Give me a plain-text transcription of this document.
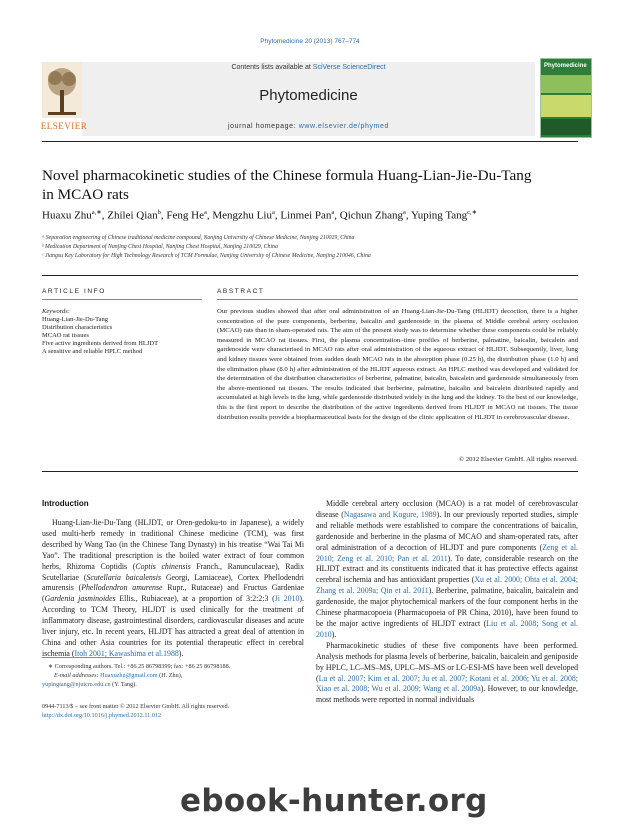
Phytomedicine 20 (2013) 767–774
Contents lists available at SciVerse ScienceDirect
Phytomedicine
journal homepage: www.elsevier.de/phymed
ELSEVIER
Phytomedicine
Novel pharmacokinetic studies of the Chinese formula Huang-Lian-Jie-Du-Tang
in MCAO rats
Huaxu Zhu$^{a,∗}$, Zhilei Qian$^b$, Feng He$^a$, Mengzhu Liu$^a$, Linmei Pan$^a$, Qichun Zhang$^a$, Yuping Tang$^{c,∗}$
ᵃ Separation engineering of Chinese traditional medicine compound, Nanjing University of Chinese Medicine, Nanjing 210029, China
ᵇ Medication Department of Nanjing Chest Hospital, Nanjing Chest Hospital, Nanjing 210029, China
ᶜ Jiangsu Key Laboratory for High Technology Research of TCM Formulae, Nanjing University of Chinese Medicine, Nanjing 210046, China
ARTICLE INFO
Keywords:
Huang-Lian-Jie-Du-Tang
Distribution characteristics
MCAO rat tissues
Five active ingredients derived from HLJDT
A sensitive and reliable HPLC method
ABSTRACT
Our previous studies showed that after oral administration of an Huang-Lian-Jie-Du-Tang (HLJDT) decoction, there is a higher concentration of the pure components, berberine, baicalin and gardenoside in the plasma of Middle cerebral artery occlusion (MCAO) rats than in sham-operated rats. The aim of the present study was to determine whether these components could be reliably measured in MCAO rat tissues. First, the plasma concentration–time profiles of berberine, palmatine, baicalin, baicalein and gardenoside were characterised in MCAO rats after oral administration of the aqueous extract of HLJDT. Subsequently, liver, lung and kidney tissues were obtained from sudden death MCAO rats in the absorption phase (0.25 h), the distribution phase (1.0 h) and the elimination phase (8.0 h) after administration of the HLJDT aqueous extract. An HPLC method was developed and validated for the determination of the distribution characteristics of berberine, palmatine, baicalin, baicalein and gardenoside simultaneously from the above-mentioned rat tissues. The results indicated that berberine, palmatine, baicalin and baicalein distributed rapidly and accumulated at high levels in the lung, while gardenoside distributed widely in the lung and the kidney. To the best of our knowledge, this is the first report to describe the distribution of the active ingredients derived from HLJDT in MCAO rat tissues. The tissue distribution results provide a biopharmaceutical basis for the design of the clinic application of HLJDT in cerebrovascular disease.
© 2012 Elsevier GmbH. All rights reserved.
Introduction

Huang-Lian-Jie-Du-Tang (HLJDT, or Oren-gedoku-to in Japanese), a widely used multi-herb remedy in traditional Chinese medicine (TCM), was first described by Wang Tao (in the Chinese Tang Dynasty) in his treatise “Wai Tai Mi Yao”. The traditional prescription is the boiled water extract of four common herbs, Rhizoma Coptidis (Coptis chinensis Franch., Ranunculaceae), Radix Scutellariae (Scutellaria baicalensis Georgi, Lamiaceae), Cortex Phellodendri amurensis (Phellodendron amurense Rupr., Rutaceae) and Fructus Gardeniae (Gardenia jasminoides Ellis., Rubiaceae), at a proportion of 3:2:2:3 (Ji 2010). According to TCM Theory, HLJDT is used clinically for the treatment of inflammatory disease, gastrointestinal disorders, cardiovascular diseases and acute liver injury, etc. In recent years, HLJDT has attracted a great deal of attention in China and other Asia countries for its potential therapeutic effect in cerebral ischemia (Itoh 2001; Kawashima et al.1988).

Middle cerebral artery occlusion (MCAO) is a rat model of cerebrovascular disease (Nagasawa and Kogure, 1989). In our previously reported studies, simple and reliable methods were established to compare the concentrations of baicalin, gardenoside and berberine in the plasma of MCAO and sham-operated rats, after oral administration of a decoction of HLJDT and pure components (Zeng et al. 2010; Zeng et al. 2010; Pan et al. 2011). To date, considerable research on the HLJDT extract and its constituents indicated that it has protective effects against cerebral ischemia and has antioxidant properties (Xu et al. 2000; Ohta et al. 2004; Zhang et al. 2009a; Qin et al. 2011). Berberine, palmatine, baicalin, baicalein and gardenoside, the major phytochemical markers of the four component herbs in the Chinese pharmacopoeia (Pharmacopoeia of PR China, 2010), have been found to be the major active ingredients of HLJDT extract (Liu et al. 2008; Song et al. 2010).

Pharmacokinetic studies of these five components have been performed. Analysis methods for plasma levels of berberine, baicalin, baicalein and geniposide by HPLC, LC–MS–MS, UPLC–MS–MS or LC-ESI-MS have been well developed (Lu et al. 2007; Kim et al. 2007; Ju et al. 2007; Kotani et al. 2006; Yu et al. 2008; Xiao et al. 2008; Wu et al. 2009; Wang et al. 2009a). However, to our knowledge, most methods were reported in normal individuals

∗ Corresponding authors. Tel.: +86 25 86798399; fax: +86 25 86798188.
E-mail addresses: Huaxuzhu@gmail.com (H. Zhu),
yupingtang@njutcm.edu.cn (Y. Tang).
0944-7113/$ – see front matter © 2012 Elsevier GmbH. All rights reserved.
http://dx.doi.org/10.1016/j.phymed.2012.11.012
ebook-hunter.org
